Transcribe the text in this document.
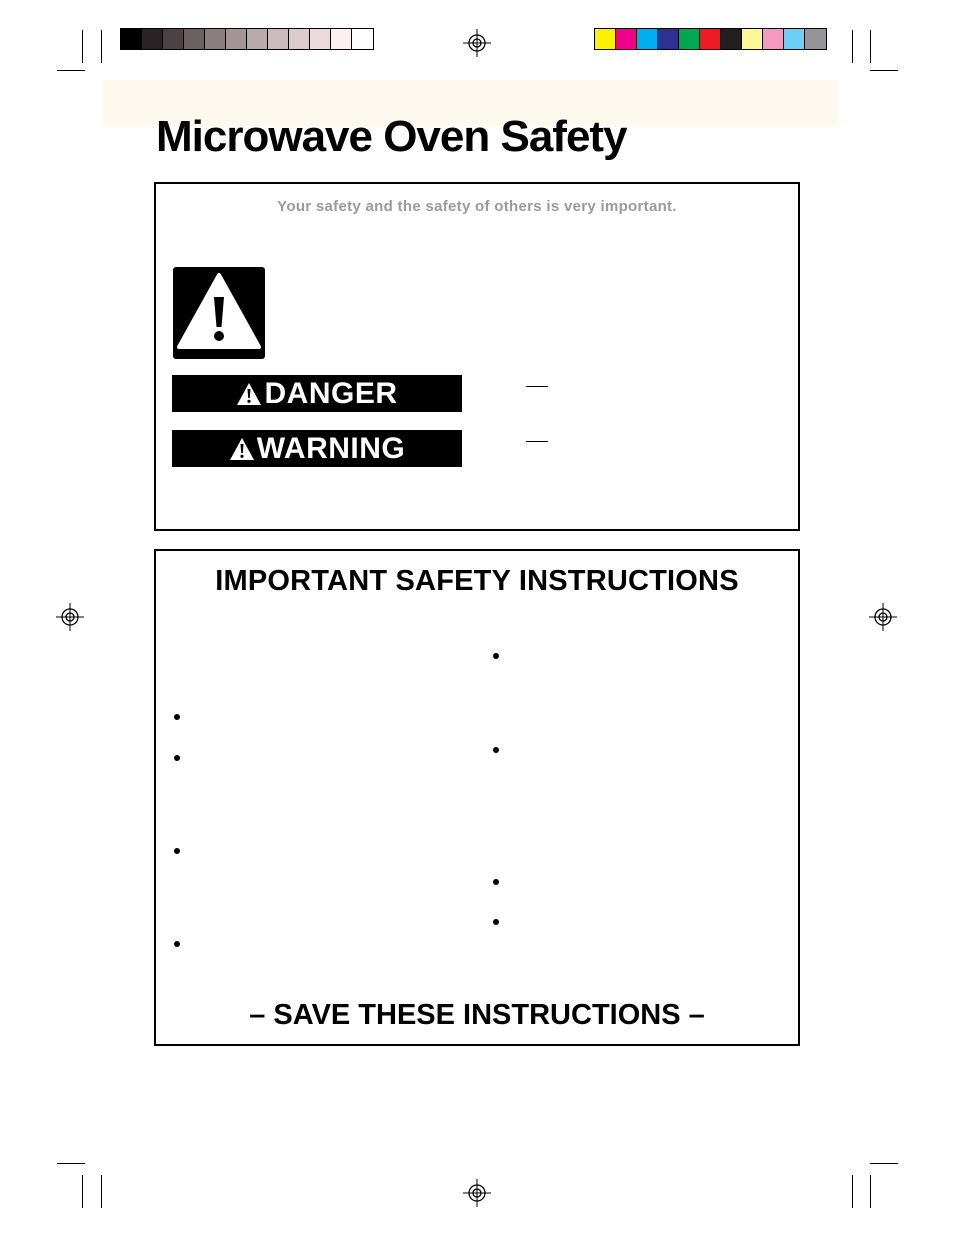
Microwave Oven Safety
Your safety and the safety of others is very important.
DANGER
WARNING
IMPORTANT SAFETY INSTRUCTIONS
– SAVE THESE INSTRUCTIONS –
